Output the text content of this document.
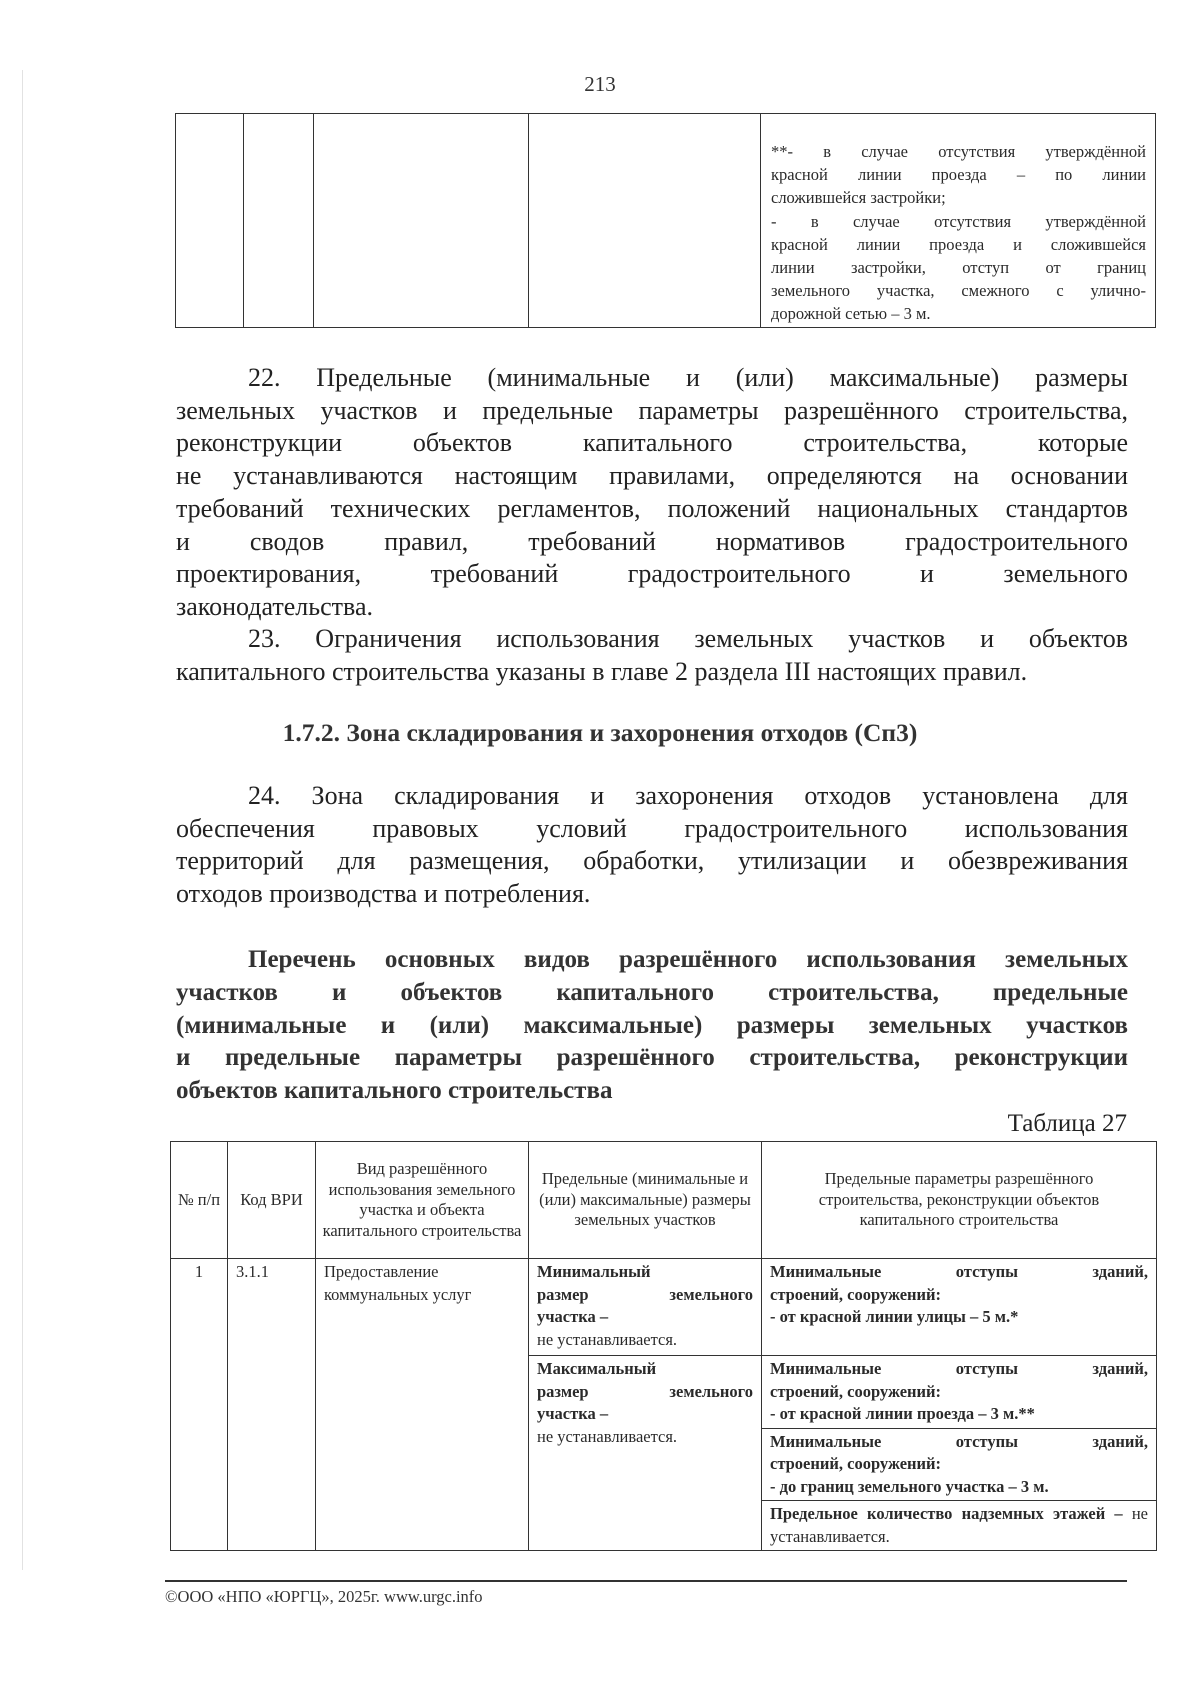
213

**- в случае отсутствия утверждённой
красной линии проезда – по линии
сложившейся застройки;
- в случае отсутствия утверждённой
красной линии проезда и сложившейся
линии застройки, отступ от границ
земельного участка, смежного с улично-
дорожной сетью – 3 м.
22. Предельные (минимальные и (или) максимальные) размеры
земельных участков и предельные параметры разрешённого строительства,
реконструкции объектов капитального строительства, которые
не устанавливаются настоящим правилами, определяются на основании
требований технических регламентов, положений национальных стандартов
и сводов правил, требований нормативов градостроительного
проектирования, требований градостроительного и земельного
законодательства.
23. Ограничения использования земельных участков и объектов
капитального строительства указаны в главе 2 раздела III настоящих правил.
1.7.2. Зона складирования и захоронения отходов (Сп3)
24. Зона складирования и захоронения отходов установлена для
обеспечения правовых условий градостроительного использования
территорий для размещения, обработки, утилизации и обезвреживания
отходов производства и потребления.
Перечень основных видов разрешённого использования земельных
участков и объектов капитального строительства, предельные
(минимальные и (или) максимальные) размеры земельных участков
и предельные параметры разрешённого строительства, реконструкции
объектов капитального строительства
Таблица 27
№ п/п	Код ВРИ	Вид разрешённого использования земельного участка и объекта капитального строительства	Предельные (минимальные и (или) максимальные) размеры земельных участков	Предельные параметры разрешённого строительства, реконструкции объектов капитального строительства
1	3.1.1	Предоставление коммунальных услуг	Минимальный
размер земельного
участка –
не устанавливается.	Минимальные отступы зданий,
строений, сооружений:
- от красной линии улицы – 5 м.*

			Максимальный
размер земельного
участка –
не устанавливается.	Минимальные отступы зданий,
строений, сооружений:
- от красной линии проезда – 3 м.**

				Минимальные отступы зданий,
строений, сооружений:
- до границ земельного участка – 3 м.

				Предельное количество надземных этажей – не устанавливается.
©ООО «НПО «ЮРГЦ», 2025г. www.urgc.info
